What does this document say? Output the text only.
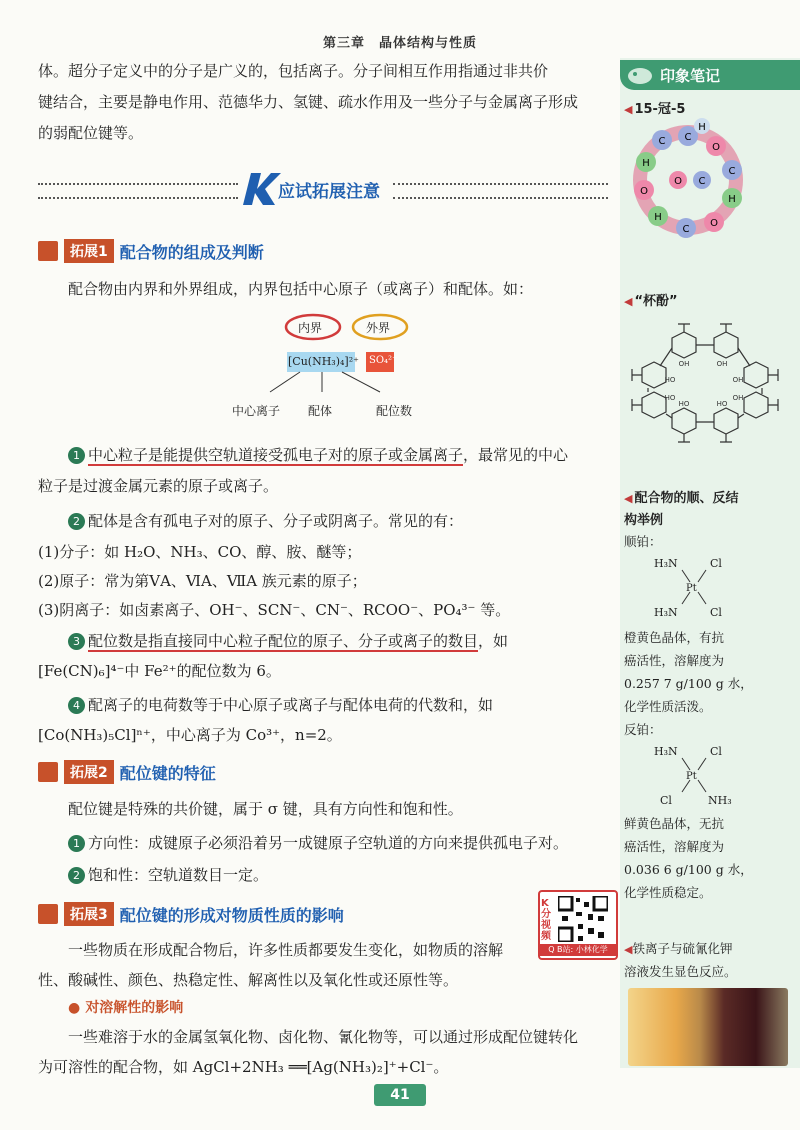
第三章　晶体结构与性质
体。超分子定义中的分子是广义的，包括离子。分子间相互作用指通过非共价
键结合，主要是静电作用、范德华力、氢键、疏水作用及一些分子与金属离子形成
的弱配位键等。
应试拓展注意
拓展1 配合物的组成及判断
配合物由内界和外界组成，内界包括中心原子（或离子）和配体。如：
内界	外界
[Cu(NH₃)₄]²⁺ SO₄²⁻
中心离子 配体	配位数
1 中心粒子是能提供空轨道接受孤电子对的原子或金属离子，最常见的中心
粒子是过渡金属元素的原子或离子。
2 配体是含有孤电子对的原子、分子或阴离子。常见的有：
(1)分子：如 H₂O、NH₃、CO、醇、胺、醚等；
(2)原子：常为第ⅤA、ⅥA、ⅦA 族元素的原子；
(3)阴离子：如卤素离子、OH⁻、SCN⁻、CN⁻、RCOO⁻、PO₄³⁻ 等。
3 配位数是指直接同中心粒子配位的原子、分子或离子的数目，如
[Fe(CN)₆]⁴⁻中 Fe²⁺的配位数为 6。
4 配离子的电荷数等于中心原子或离子与配体电荷的代数和，如
[Co(NH₃)₅Cl]ⁿ⁺，中心离子为 Co³⁺，n=2。
拓展2 配位键的特征
配位键是特殊的共价键，属于 σ 键，具有方向性和饱和性。
1 方向性：成键原子必须沿着另一成键原子空轨道的方向来提供孤电子对。
2 饱和性：空轨道数目一定。
拓展3 配位键的形成对物质性质的影响
K分视频
Q B站: 小林化学
一些物质在形成配合物后，许多性质都要发生变化，如物质的溶解
性、酸碱性、颜色、热稳定性、解离性以及氧化性或还原性等。
● 对溶解性的影响
一些难溶于水的金属氢氧化物、卤化物、氰化物等，可以通过形成配位键转化
为可溶性的配合物，如 AgCl+2NH₃ ══[Ag(NH₃)₂]⁺+Cl⁻。
41
印象笔记
◀ 15-冠-5
C
O
C
H
O
C
H
O
H
C
H
O C
◀ “杯酚”
OH	OH
OH
OH
HO
HO
HO
HO
◀ 配合物的顺、反结
构举例
顺铂：
H₃N	Cl
Pt
H₃N	Cl
橙黄色晶体，有抗
癌活性，溶解度为
0.257 7 g/100 g 水，
化学性质活泼。
反铂：
H₃N	Cl
Pt
Cl	NH₃
鲜黄色晶体，无抗
癌活性，溶解度为
0.036 6 g/100 g 水，
化学性质稳定。
◀铁离子与硫氰化钾
溶液发生显色反应。
